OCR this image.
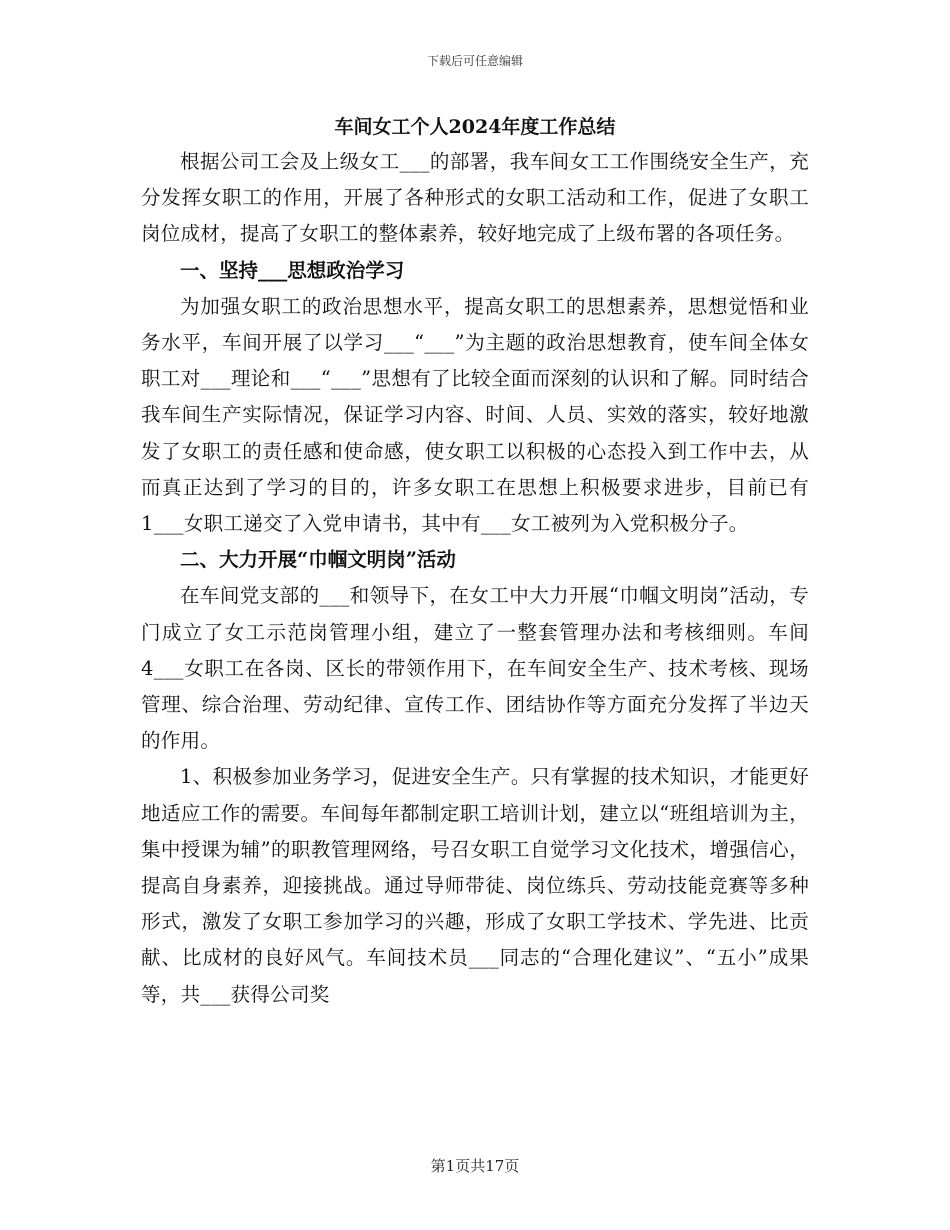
下载后可任意编辑
车间女工个人2024年度工作总结

根据公司工会及上级女工___的部署，我车间女工工作围绕安全生产，充分发挥女职工的作用，开展了各种形式的女职工活动和工作，促进了女职工岗位成材，提高了女职工的整体素养，较好地完成了上级布署的各项任务。

一、坚持___思想政治学习

为加强女职工的政治思想水平，提高女职工的思想素养，思想觉悟和业务水平，车间开展了以学习___“___”为主题的政治思想教育，使车间全体女职工对___理论和___“___”思想有了比较全面而深刻的认识和了解。同时结合我车间生产实际情况，保证学习内容、时间、人员、实效的落实，较好地激发了女职工的责任感和使命感，使女职工以积极的心态投入到工作中去，从而真正达到了学习的目的，许多女职工在思想上积极要求进步，目前已有1___女职工递交了入党申请书，其中有___女工被列为入党积极分子。

二、大力开展“巾帼文明岗”活动

在车间党支部的___和领导下，在女工中大力开展“巾帼文明岗”活动，专门成立了女工示范岗管理小组，建立了一整套管理办法和考核细则。车间4___女职工在各岗、区长的带领作用下，在车间安全生产、技术考核、现场管理、综合治理、劳动纪律、宣传工作、团结协作等方面充分发挥了半边天的作用。

1、积极参加业务学习，促进安全生产。只有掌握的技术知识，才能更好地适应工作的需要。车间每年都制定职工培训计划，建立以“班组培训为主，集中授课为辅”的职教管理网络，号召女职工自觉学习文化技术，增强信心，提高自身素养，迎接挑战。通过导师带徒、岗位练兵、劳动技能竞赛等多种形式，激发了女职工参加学习的兴趣，形成了女职工学技术、学先进、比贡献、比成材的良好风气。车间技术员___同志的“合理化建议”、“五小”成果等，共___获得公司奖

第1页共17页
